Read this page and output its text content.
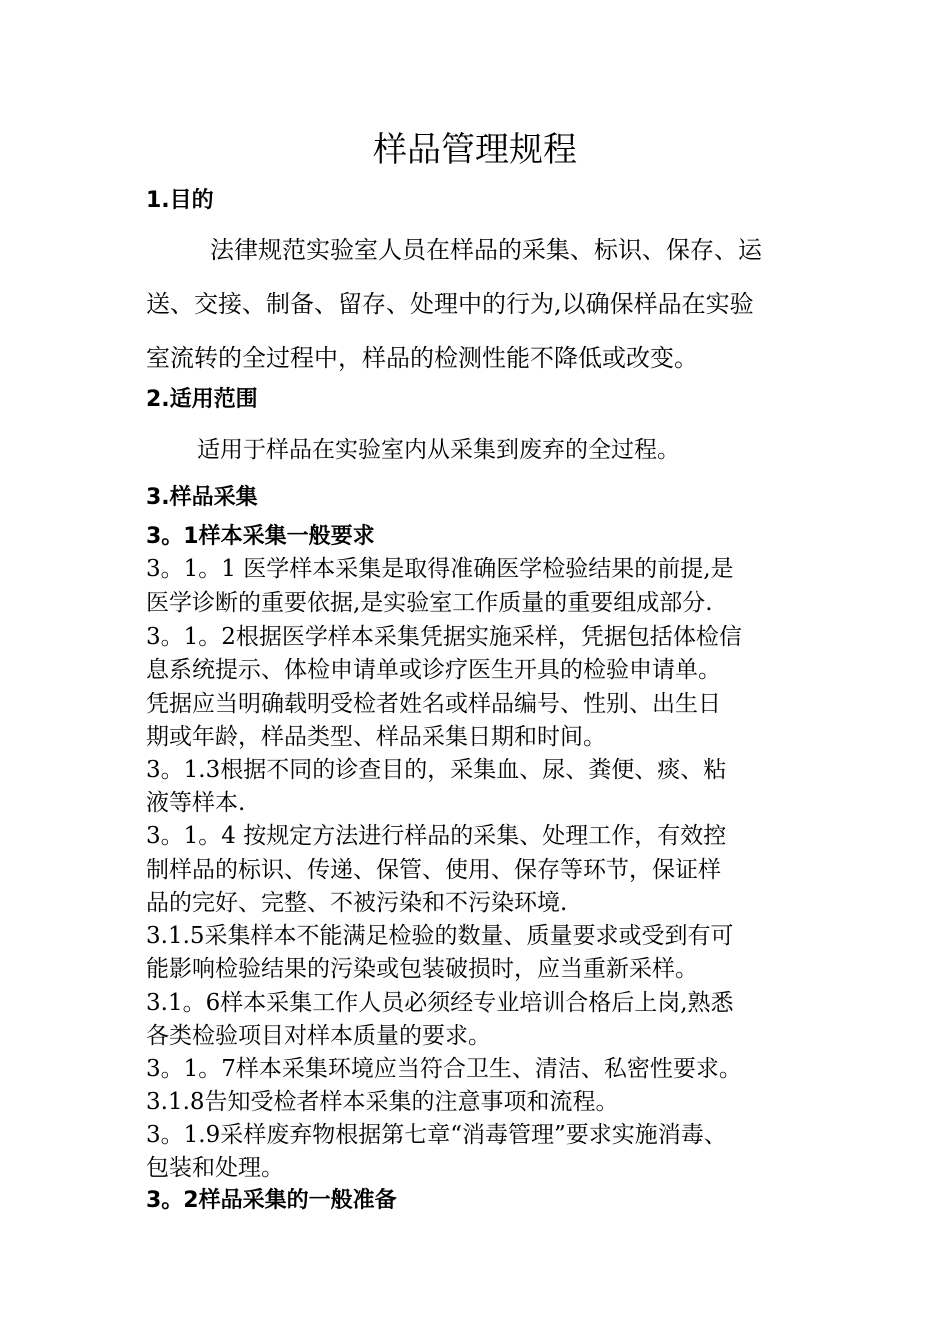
样品管理规程
1.目的
法律规范实验室人员在样品的采集、标识、保存、运
送、交接、制备、留存、处理中的行为,以确保样品在实验
室流转的全过程中，样品的检测性能不降低或改变。
2.适用范围
适用于样品在实验室内从采集到废弃的全过程。
3.样品采集
3。1样本采集一般要求
3。1。1 医学样本采集是取得准确医学检验结果的前提,是
医学诊断的重要依据,是实验室工作质量的重要组成部分.
3。1。2根据医学样本采集凭据实施采样，凭据包括体检信
息系统提示、体检申请单或诊疗医生开具的检验申请单。
凭据应当明确载明受检者姓名或样品编号、性别、出生日
期或年龄，样品类型、样品采集日期和时间。
3。1.3根据不同的诊查目的，采集血、尿、粪便、痰、粘
液等样本.
3。1。4 按规定方法进行样品的采集、处理工作，有效控
制样品的标识、传递、保管、使用、保存等环节，保证样
品的完好、完整、不被污染和不污染环境.
3.1.5采集样本不能满足检验的数量、质量要求或受到有可
能影响检验结果的污染或包装破损时，应当重新采样。
3.1。6样本采集工作人员必须经专业培训合格后上岗,熟悉
各类检验项目对样本质量的要求。
3。1。7样本采集环境应当符合卫生、清洁、私密性要求。
3.1.8告知受检者样本采集的注意事项和流程。
3。1.9采样废弃物根据第七章“消毒管理”要求实施消毒、
包装和处理。
3。2样品采集的一般准备
